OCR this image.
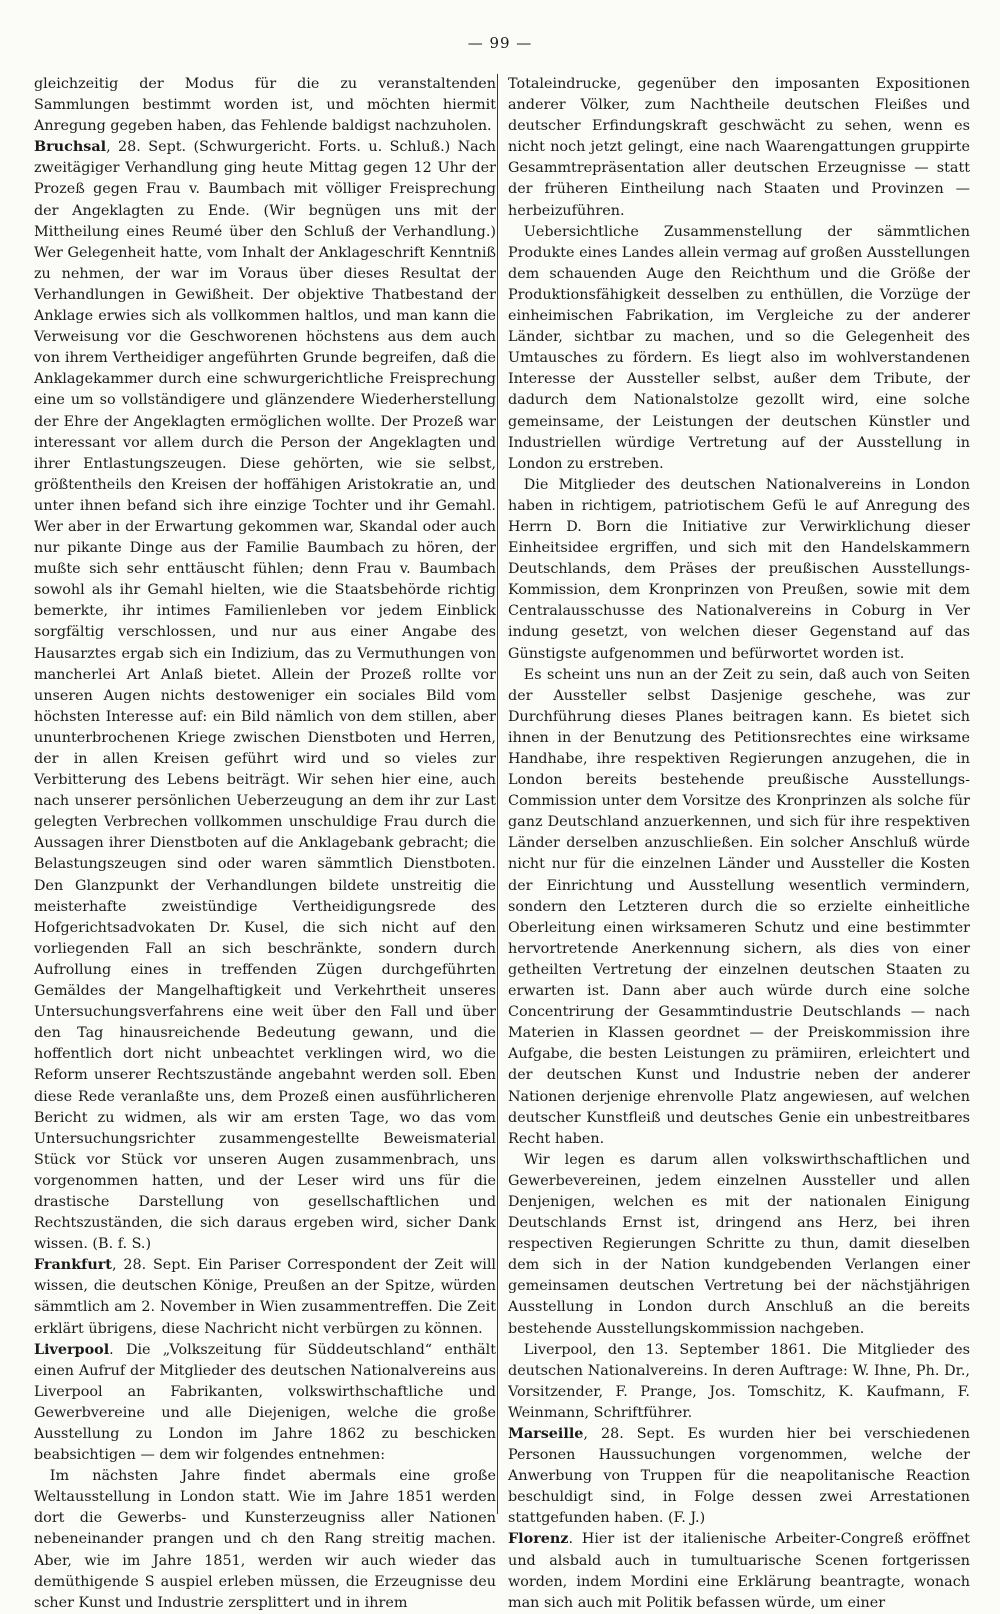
— 99 —

gleichzeitig der Modus für die zu veranstaltenden Sammlungen bestimmt worden ist, und möchten hiermit Anregung gegeben haben, das Fehlende baldigst nachzuholen.

Bruchsal, 28. Sept. (Schwurgericht. Forts. u. Schluß.) Nach zweitägiger Verhandlung ging heute Mittag gegen 12 Uhr der Prozeß gegen Frau v. Baumbach mit völliger Freisprechung der Angeklagten zu Ende. (Wir begnügen uns mit der Mittheilung eines Reumé über den Schluß der Verhandlung.) Wer Gelegenheit hatte, vom Inhalt der Anklageschrift Kenntniß zu nehmen, der war im Voraus über dieses Resultat der Verhandlungen in Gewißheit. Der objektive Thatbestand der Anklage erwies sich als vollkommen haltlos, und man kann die Verweisung vor die Geschworenen höchstens aus dem auch von ihrem Vertheidiger angeführten Grunde begreifen, daß die Anklagekammer durch eine schwurgerichtliche Freisprechung eine um so vollständigere und glänzendere Wiederherstellung der Ehre der Angeklagten ermöglichen wollte. Der Prozeß war interessant vor allem durch die Person der Angeklagten und ihrer Entlastungszeugen. Diese gehörten, wie sie selbst, größtentheils den Kreisen der hoffähigen Aristokratie an, und unter ihnen befand sich ihre einzige Tochter und ihr Gemahl. Wer aber in der Erwartung gekommen war, Skandal oder auch nur pikante Dinge aus der Familie Baumbach zu hören, der mußte sich sehr enttäuscht fühlen; denn Frau v. Baumbach sowohl als ihr Gemahl hielten, wie die Staatsbehörde richtig bemerkte, ihr intimes Familienleben vor jedem Einblick sorgfältig verschlossen, und nur aus einer Angabe des Hausarztes ergab sich ein Indizium, das zu Vermuthungen von mancherlei Art Anlaß bietet. Allein der Prozeß rollte vor unseren Augen nichts destoweniger ein sociales Bild vom höchsten Interesse auf: ein Bild nämlich von dem stillen, aber ununterbrochenen Kriege zwischen Dienstboten und Herren, der in allen Kreisen geführt wird und so vieles zur Verbitterung des Lebens beiträgt. Wir sehen hier eine, auch nach unserer persönlichen Ueberzeugung an dem ihr zur Last gelegten Verbrechen vollkommen unschuldige Frau durch die Aussagen ihrer Dienstboten auf die Anklagebank gebracht; die Belastungszeugen sind oder waren sämmtlich Dienstboten. Den Glanzpunkt der Verhandlungen bildete unstreitig die meisterhafte zweistündige Vertheidigungsrede des Hofgerichtsadvokaten Dr. Kusel, die sich nicht auf den vorliegenden Fall an sich beschränkte, sondern durch Aufrollung eines in treffenden Zügen durchgeführten Gemäldes der Mangelhaftigkeit und Verkehrtheit unseres Untersuchungsverfahrens eine weit über den Fall und über den Tag hinausreichende Bedeutung gewann, und die hoffentlich dort nicht unbeachtet verklingen wird, wo die Reform unserer Rechtszustände angebahnt werden soll. Eben diese Rede veranlaßte uns, dem Prozeß einen ausführlicheren Bericht zu widmen, als wir am ersten Tage, wo das vom Untersuchungsrichter zusammengestellte Beweismaterial Stück vor Stück vor unseren Augen zusammenbrach, uns vorgenommen hatten, und der Leser wird uns für die drastische Darstellung von gesellschaftlichen und Rechtszuständen, die sich daraus ergeben wird, sicher Dank wissen. (B. f. S.)

Frankfurt, 28. Sept. Ein Pariser Correspondent der Zeit will wissen, die deutschen Könige, Preußen an der Spitze, würden sämmtlich am 2. November in Wien zusammentreffen. Die Zeit erklärt übrigens, diese Nachricht nicht verbürgen zu können.

Liverpool. Die „Volkszeitung für Süddeutschland“ enthält einen Aufruf der Mitglieder des deutschen Nationalvereins aus Liverpool an Fabrikanten, volkswirthschaftliche und Gewerbvereine und alle Diejenigen, welche die große Ausstellung zu London im Jahre 1862 zu beschicken beabsichtigen — dem wir folgendes entnehmen:

Im nächsten Jahre findet abermals eine große Weltausstellung in London statt. Wie im Jahre 1851 werden dort die Gewerbs- und Kunsterzeugniss aller Nationen nebeneinander prangen und ch den Rang streitig machen. Aber, wie im Jahre 1851, werden wir auch wieder das demüthigende S auspiel erleben müssen, die Erzeugnisse deu scher Kunst und Industrie zersplittert und in ihrem

Totaleindrucke, gegenüber den imposanten Expositionen anderer Völker, zum Nachtheile deutschen Fleißes und deutscher Erfindungskraft geschwächt zu sehen, wenn es nicht noch jetzt gelingt, eine nach Waarengattungen gruppirte Gesammtrepräsentation aller deutschen Erzeugnisse — statt der früheren Eintheilung nach Staaten und Provinzen — herbeizuführen.

Uebersichtliche Zusammenstellung der sämmtlichen Produkte eines Landes allein vermag auf großen Ausstellungen dem schauenden Auge den Reichthum und die Größe der Produktionsfähigkeit desselben zu enthüllen, die Vorzüge der einheimischen Fabrikation, im Vergleiche zu der anderer Länder, sichtbar zu machen, und so die Gelegenheit des Umtausches zu fördern. Es liegt also im wohlverstandenen Interesse der Aussteller selbst, außer dem Tribute, der dadurch dem Nationalstolze gezollt wird, eine solche gemeinsame, der Leistungen der deutschen Künstler und Industriellen würdige Vertretung auf der Ausstellung in London zu erstreben.

Die Mitglieder des deutschen Nationalvereins in London haben in richtigem, patriotischem Gefü le auf Anregung des Herrn D. Born die Initiative zur Verwirklichung dieser Einheitsidee ergriffen, und sich mit den Handelskammern Deutschlands, dem Präses der preußischen Ausstellungs-Kommission, dem Kronprinzen von Preußen, sowie mit dem Centralausschusse des Nationalvereins in Coburg in Ver indung gesetzt, von welchen dieser Gegenstand auf das Günstigste aufgenommen und befürwortet worden ist.

Es scheint uns nun an der Zeit zu sein, daß auch von Seiten der Aussteller selbst Dasjenige geschehe, was zur Durchführung dieses Planes beitragen kann. Es bietet sich ihnen in der Benutzung des Petitionsrechtes eine wirksame Handhabe, ihre respektiven Regierungen anzugehen, die in London bereits bestehende preußische Ausstellungs-Commission unter dem Vorsitze des Kronprinzen als solche für ganz Deutschland anzuerkennen, und sich für ihre respektiven Länder derselben anzuschließen. Ein solcher Anschluß würde nicht nur für die einzelnen Länder und Aussteller die Kosten der Einrichtung und Ausstellung wesentlich vermindern, sondern den Letzteren durch die so erzielte einheitliche Oberleitung einen wirksameren Schutz und eine bestimmter hervortretende Anerkennung sichern, als dies von einer getheilten Vertretung der einzelnen deutschen Staaten zu erwarten ist. Dann aber auch würde durch eine solche Concentrirung der Gesammtindustrie Deutschlands — nach Materien in Klassen geordnet — der Preiskommission ihre Aufgabe, die besten Leistungen zu prämiiren, erleichtert und der deutschen Kunst und Industrie neben der anderer Nationen derjenige ehrenvolle Platz angewiesen, auf welchen deutscher Kunstfleiß und deutsches Genie ein unbestreitbares Recht haben.

Wir legen es darum allen volkswirthschaftlichen und Gewerbevereinen, jedem einzelnen Aussteller und allen Denjenigen, welchen es mit der nationalen Einigung Deutschlands Ernst ist, dringend ans Herz, bei ihren respectiven Regierungen Schritte zu thun, damit dieselben dem sich in der Nation kundgebenden Verlangen einer gemeinsamen deutschen Vertretung bei der nächstjährigen Ausstellung in London durch Anschluß an die bereits bestehende Ausstellungskommission nachgeben.

Liverpool, den 13. September 1861. Die Mitglieder des deutschen Nationalvereins. In deren Auftrage: W. Ihne, Ph. Dr., Vorsitzender, F. Prange, Jos. Tomschitz, K. Kaufmann, F. Weinmann, Schriftführer.

Marseille, 28. Sept. Es wurden hier bei verschiedenen Personen Haussuchungen vorgenommen, welche der Anwerbung von Truppen für die neapolitanische Reaction beschuldigt sind, in Folge dessen zwei Arrestationen stattgefunden haben. (F. J.)

Florenz. Hier ist der italienische Arbeiter-Congreß eröffnet und alsbald auch in tumultuarische Scenen fortgerissen worden, indem Mordini eine Erklärung beantragte, wonach man sich auch mit Politik befassen würde, um einer
